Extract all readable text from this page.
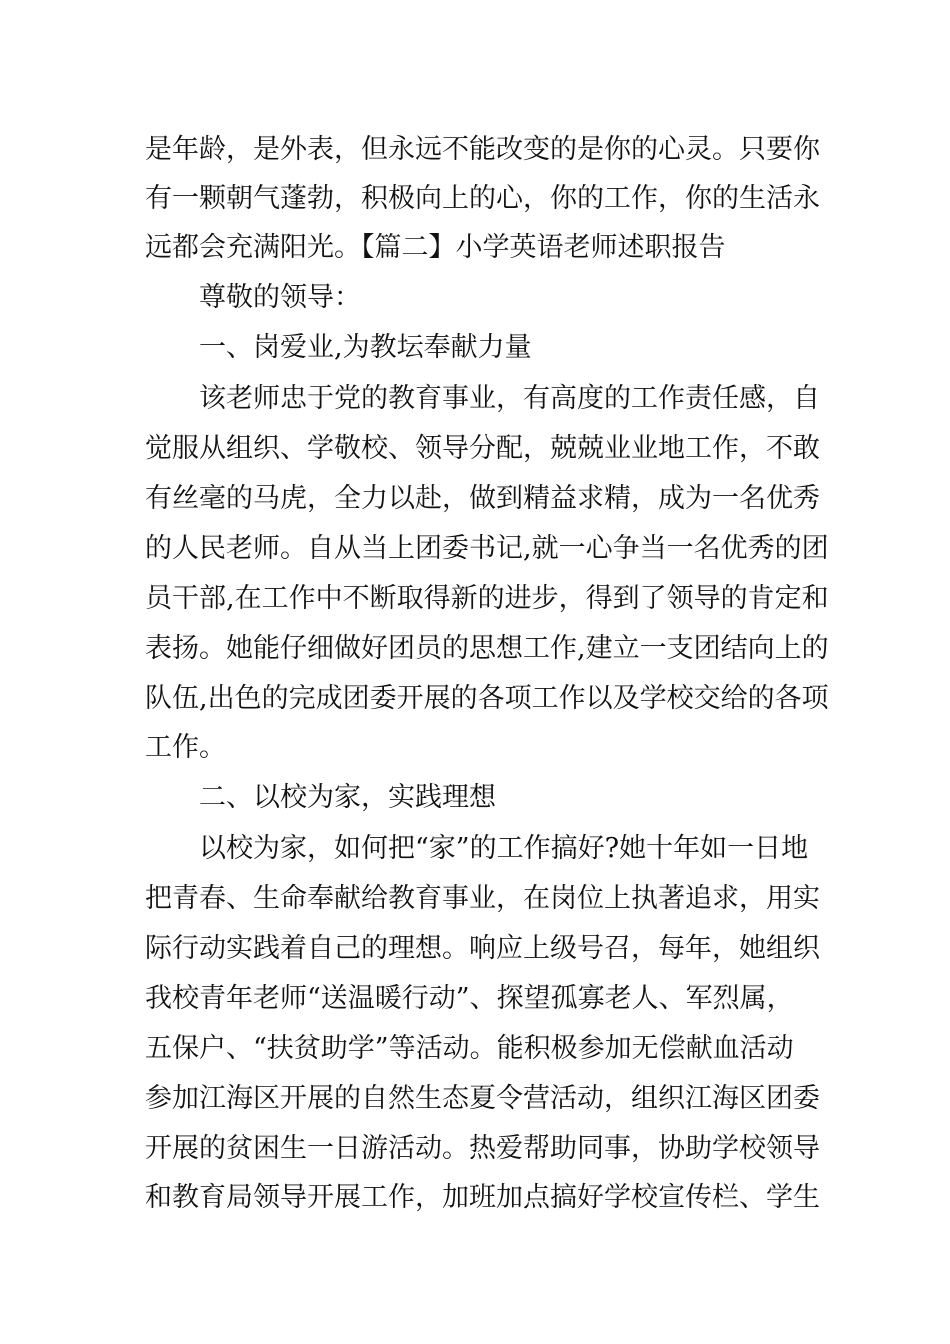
是年龄，是外表，但永远不能改变的是你的心灵。只要你
有一颗朝气蓬勃，积极向上的心，你的工作，你的生活永
远都会充满阳光。【篇二】小学英语老师述职报告
尊敬的领导：
一、岗爱业,为教坛奉献力量
该老师忠于党的教育事业，有高度的工作责任感，自
觉服从组织、学敬校、领导分配，兢兢业业地工作，不敢
有丝毫的马虎，全力以赴，做到精益求精，成为一名优秀
的人民老师。自从当上团委书记,就一心争当一名优秀的团
员干部,在工作中不断取得新的进步，得到了领导的肯定和
表扬。她能仔细做好团员的思想工作,建立一支团结向上的
队伍,出色的完成团委开展的各项工作以及学校交给的各项
工作。
二、以校为家，实践理想
以校为家，如何把“家”的工作搞好?她十年如一日地
把青春、生命奉献给教育事业，在岗位上执著追求，用实
际行动实践着自己的理想。响应上级号召，每年，她组织
我校青年老师“送温暖行动”、探望孤寡老人、军烈属，
五保户、“扶贫助学”等活动。能积极参加无偿献血活动
参加江海区开展的自然生态夏令营活动，组织江海区团委
开展的贫困生一日游活动。热爱帮助同事，协助学校领导
和教育局领导开展工作，加班加点搞好学校宣传栏、学生
